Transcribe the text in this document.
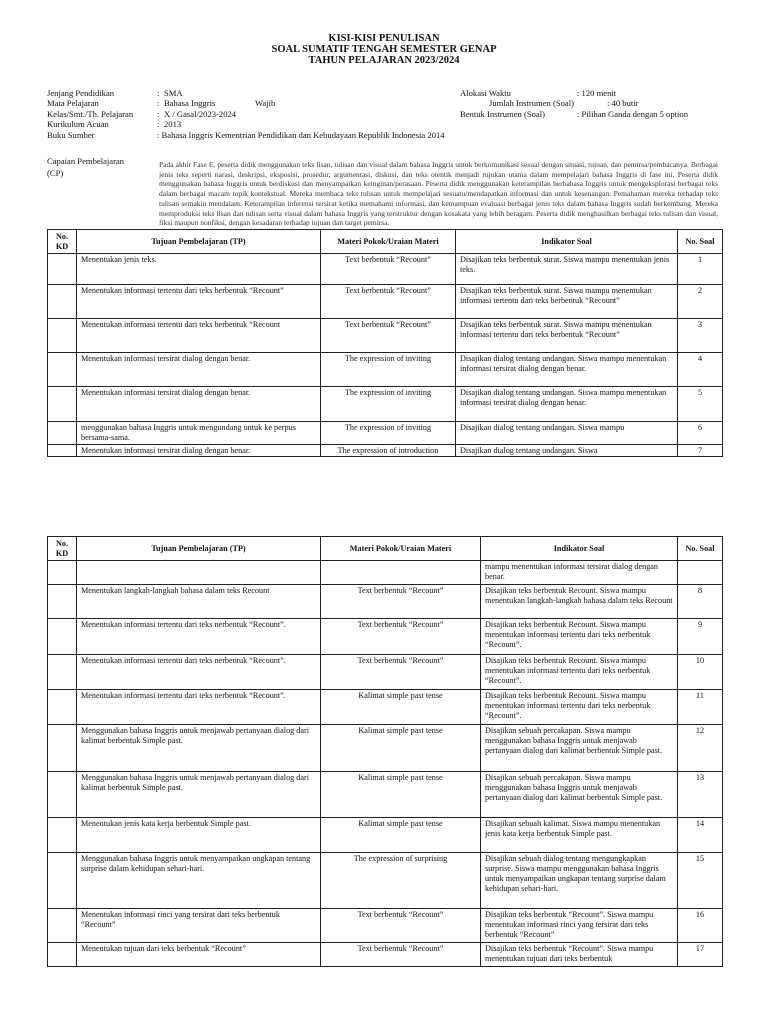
KISI-KISI PENULISAN
SOAL SUMATIF TENGAH SEMESTER GENAP
TAHUN PELAJARAN 2023/2024
Jenjang Pendidikan	: SMA
Mata Pelajaran	: Bahasa Inggris	Wajib
Kelas/Smt./Th. Pelajaran	: X / Gasal/2023-2024
Kurikulum Acuan	: 2013
Buku Sumber	: Bahasa Inggris Kementrian Pendidikan dan Kebudayaan Republik Indonesia 2014
Alokasi Waktu	: 120 menit
Jumlah Instrumen (Soal)	: 40 butir
Bentuk Instrumen (Soal)	: Pilihan Ganda dengan 5 option
Capaian Pembelajaran
(CP)
Pada akhir Fase E, peserta didik menggunakan teks lisan, tulisan dan visual dalam bahasa Inggris untuk berkomunikasi sesuai dengan situasi, tujuan, dan pemirsa/pembacanya. Berbagai jenis teks seperti narasi, deskripsi, eksposisi, prosedur, argumentasi, diskusi, dan teks otentik menjadi rujukan utama dalam mempelajari bahasa Inggris di fase ini. Peserta didik menggunakan bahasa Inggris untuk berdiskusi dan menyampaikan keinginan/perasaan. Peserta didik menggunakan keterampilan berbahasa Inggris untuk mengeksplorasi berbagai teks dalam berbagai macam topik kontekstual. Mereka membaca teks tulisan untuk mempelajari sesuatu/mendapatkan informasi dan untuk kesenangan. Pemahaman mereka terhadap teks tulisan semakin mendalam. Keterampilan inferensi tersirat ketika memahami informasi, dan kemampuan evaluasi berbagai jenis teks dalam bahasa Inggris sudah berkembang. Mereka memproduksi teks lisan dan tulisan serta visual dalam bahasa Inggris yang terstruktur dengan kosakata yang lebih beragam. Peserta didik menghasilkan berbagai teks tulisan dan visual, fiksi maupun nonfiksi, dengan kesadaran terhadap tujuan dan target pemirsa.
No. KD	Tujuan Pembelajaran (TP)	Materi Pokok/Uraian Materi	Indikator Soal	No. Soal
	Menentukan jenis teks.	Text berbentuk “Recount”	Disajikan teks berbentuk surat. Siswa mampu menentukan jenis teks.	1
	Menentukan informasi tertentu dari teks berbentuk “Recount”	Text berbentuk “Recount”	Disajikan teks berbentuk surat. Siswa mampu menentukan informasi tertentu dari teks berbentuk “Recount”	2
	Menentukan informasi tertentu dari teks berbentuk “Recount	Text berbentuk “Recount”	Disajikan teks berbentuk surat. Siswa mampu menentukan informasi tertentu dari teks berbentuk “Recount”	3
	Menentukan informasi tersirat dialog dengan benar.	The expression of inviting	Disajikan dialog tentang undangan. Siswa mampu menentukan informasi tersirat dialog dengan benar.	4
	Menentukan informasi tersirat dialog dengan benar.	The expression of inviting	Disajikan dialog tentang undangan. Siswa mampu menentukan informasi tersirat dialog dengan benar.	5
	menggunakan bahasa Inggris untuk mengundang untuk ke perpus bersama-sama.	The expression of inviting	Disajikan dialog tentang undangan. Siswa mampu	6
	Menentukan informasi tersirat dialog dengan benar.	The expression of introduction	Disajikan dialog tentang undangan. Siswa	7
No. KD	Tujuan Pembelajaran (TP)	Materi Pokok/Uraian Materi	Indikator Soal	No. Soal
			mampu menentukan informasi tersirat dialog dengan benar.	
	Menentukan langkah-langkah bahasa dalam teks Recount	Text berbentuk “Recount”	Disajikan teks berbentuk Recount. Siswa mampu menentukan langkah-langkah bahasa dalam teks Recount	8
	Menentukan informasi tertentu dari teks nerbentuk “Recount”.	Text berbentuk “Recount”	Disajikan teks berbentuk Recount. Siswa mampu menentukan informasi tertentu dari teks nerbentuk “Recount”.	9
	Menentukan informasi tertentu dari teks nerbentuk “Recount”.	Text berbentuk “Recount”	Disajikan teks berbentuk Recount. Siswa mampu menentukan informasi tertentu dari teks nerbentuk “Recount”.	10
	Menentukan informasi tertentu dari teks nerbentuk “Recount”.	Kalimat simple past tense	Disajikan teks berbentuk Recount. Siswa mampu menentukan informasi tertentu dari teks nerbentuk “Recount”.	11
	Menggunakan bahasa Inggris untuk menjawab pertanyaan dialog dari kalimat berbentuk Simple past.	Kalimat simple past tense	Disajikan sebuah percakapan. Siswa mampu menggunakan bahasa Inggris untuk menjawab pertanyaan dialog dari kalimat berbentuk Simple past.	12
	Menggunakan bahasa Inggris untuk menjawab pertanyaan dialog dari kalimat berbentuk Simple past.	Kalimat simple past tense	Disajikan sebuah percakapan. Siswa mampu menggunakan bahasa Inggris untuk menjawab pertanyaan dialog dari kalimat berbentuk Simple past.	13
	Menentukan jenis kata kerja berbentuk Simple past.	Kalimat simple past tense	Disajikan sebuah kalimat. Siswa mampu menentukan jenis kata kerja berbentuk Simple past.	14
	Menggunakan bahasa Inggris untuk menyampaikan ungkapan tentang surprise dalam kehidupan sehari-hari.	The expression of surprising	Disajikan sebuah dialog tentang mengungkapkan surprise. Siswa mampu menggunakan bahasa Inggris untuk menyampaikan ungkapan tentang surprise dalam kehidupan sehari-hari.	15
	Menentukan informasi rinci yang tersirat dari teks berbentuk “Recount”	Text berbentuk “Recount”	Disajikan teks berbentuk “Recount”. Siswa mampu menentukan informasi rinci yang tersirat dari teks berbentuk “Recount”	16
	Menentukan tujuan dari teks berbentuk “Recount”	Text berbentuk “Recount”	Disajikan teks berbentuk “Recount”. Siswa mampu menentukan tujuan dari teks berbentuk	17
